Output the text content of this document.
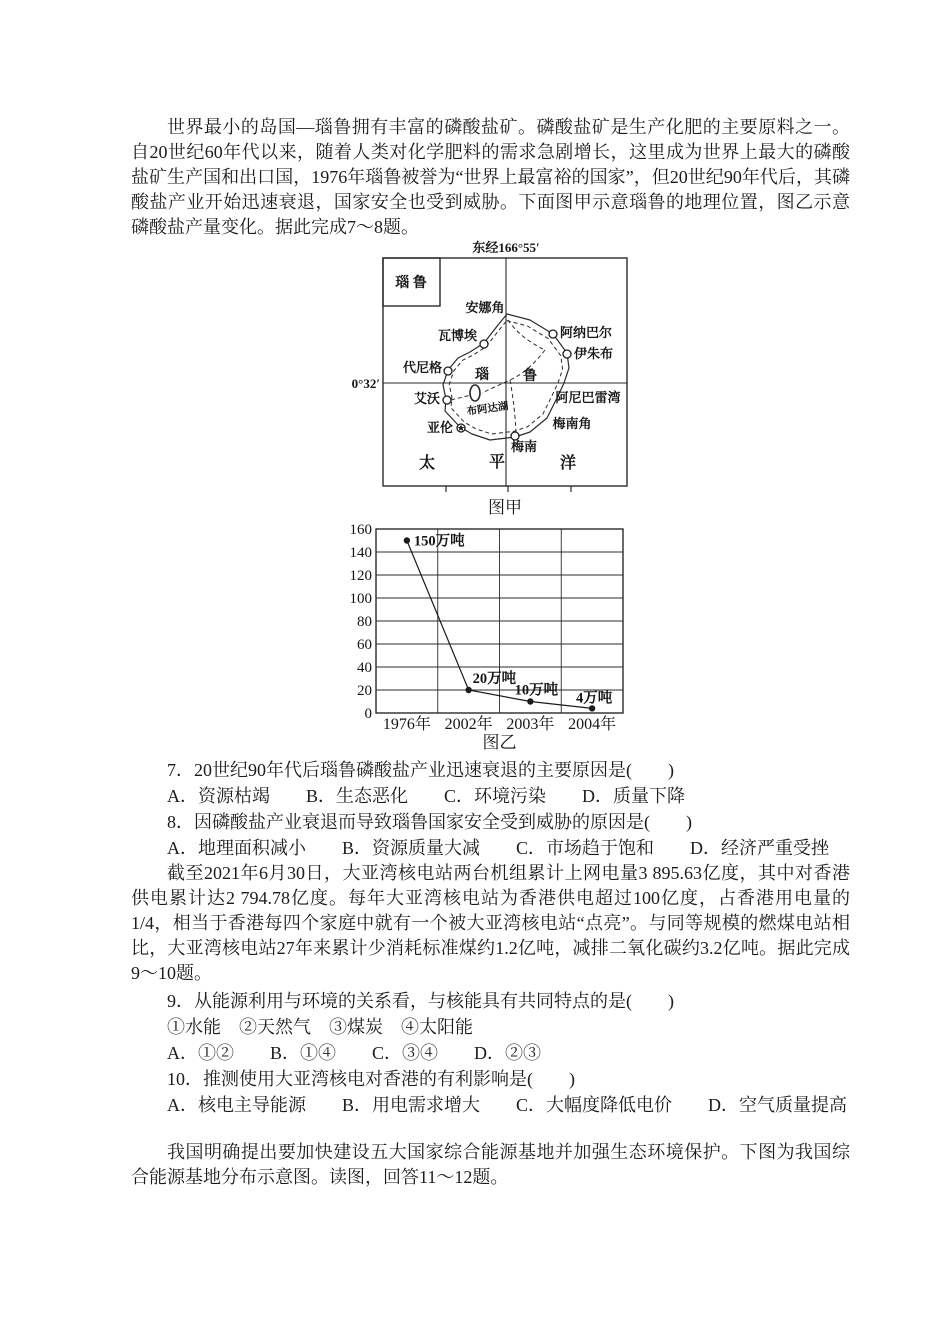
世界最小的岛国—瑙鲁拥有丰富的磷酸盐矿。磷酸盐矿是生产化肥的主要原料之一。自20世纪60年代以来，随着人类对化学肥料的需求急剧增长，这里成为世界上最大的磷酸盐矿生产国和出口国，1976年瑙鲁被誉为“世界上最富裕的国家”，但20世纪90年代后，其磷酸盐产业开始迅速衰退，国家安全也受到威胁。下面图甲示意瑙鲁的地理位置，图乙示意磷酸盐产量变化。据此完成7～8题。

东经166°55′
0°32′
瑙 鲁
布阿达湖
瑙 鲁
太	平	洋
安娜角
阿纳巴尔
伊朱布
瓦博埃
代尼格
艾沃
亚伦
梅南
阿尼巴雷湾
梅南角
图甲
0
20
40
60
80
100
120
140
160
150万吨
20万吨
10万吨 4万吨
1976年 2002年 2003年 2004年
图乙

7．20世纪90年代后瑙鲁磷酸盐产业迅速衰退的主要原因是(　　)

A．资源枯竭　　B．生态恶化　　C．环境污染　　D．质量下降

8．因磷酸盐产业衰退而导致瑙鲁国家安全受到威胁的原因是(　　)

A．地理面积减小　　B．资源质量大减　　C．市场趋于饱和　　D．经济严重受挫

截至2021年6月30日，大亚湾核电站两台机组累计上网电量3 895.63亿度，其中对香港供电累计达2 794.78亿度。每年大亚湾核电站为香港供电超过100亿度，占香港用电量的1/4，相当于香港每四个家庭中就有一个被大亚湾核电站“点亮”。与同等规模的燃煤电站相比，大亚湾核电站27年来累计少消耗标准煤约1.2亿吨，减排二氧化碳约3.2亿吨。据此完成9～10题。

9．从能源利用与环境的关系看，与核能具有共同特点的是(　　)

①水能　②天然气　③煤炭　④太阳能

A．①②　　B．①④　　C．③④　　D．②③

10．推测使用大亚湾核电对香港的有利影响是(　　)

A．核电主导能源　　B．用电需求增大　　C．大幅度降低电价　　D．空气质量提高

我国明确提出要加快建设五大国家综合能源基地并加强生态环境保护。下图为我国综合能源基地分布示意图。读图，回答11～12题。
